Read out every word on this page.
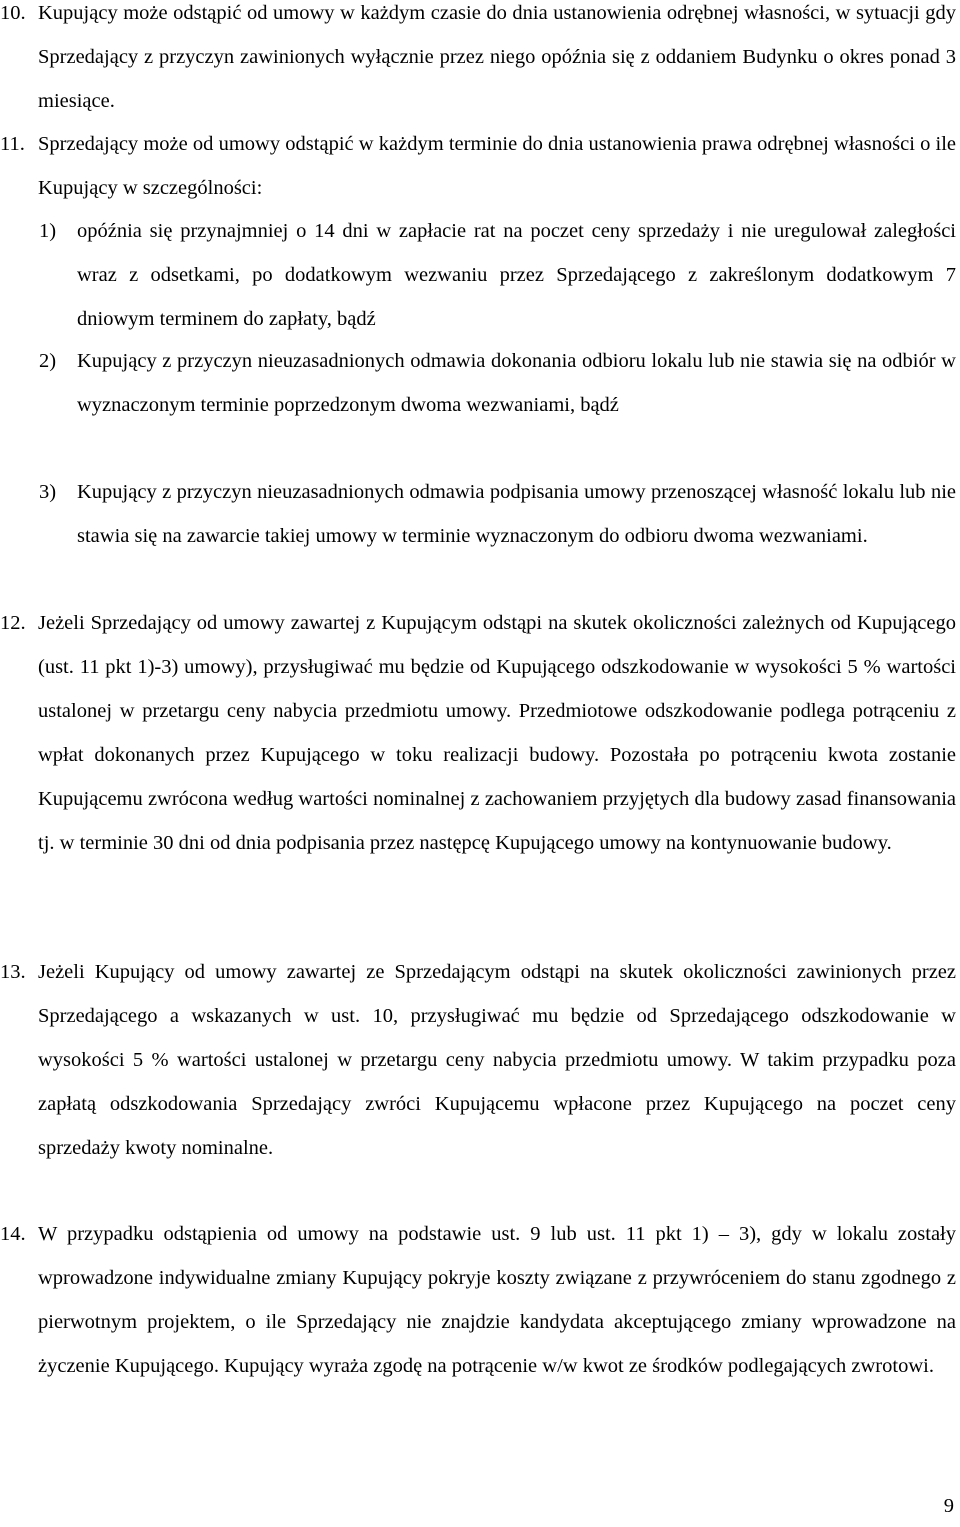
10. Kupujący może odstąpić od umowy w każdym czasie do dnia ustanowienia odrębnej własności, w sytuacji gdy Sprzedający z przyczyn zawinionych wyłącznie przez niego opóźnia się z oddaniem Budynku o okres ponad 3 miesiące.
11. Sprzedający może od umowy odstąpić w każdym terminie do dnia ustanowienia prawa odrębnej własności o ile Kupujący w szczególności:
1)	opóźnia się przynajmniej o 14 dni w zapłacie rat na poczet ceny sprzedaży i nie uregulował zaległości wraz z odsetkami, po dodatkowym wezwaniu przez Sprzedającego z zakreślonym dodatkowym 7 dniowym terminem do zapłaty, bądź
2)	Kupujący z przyczyn nieuzasadnionych odmawia dokonania odbioru lokalu lub nie stawia się na odbiór w wyznaczonym terminie poprzedzonym dwoma wezwaniami, bądź
3)	Kupujący z przyczyn nieuzasadnionych odmawia podpisania umowy przenoszącej własność lokalu lub nie stawia się na zawarcie takiej umowy w terminie wyznaczonym do odbioru dwoma wezwaniami.
12. Jeżeli Sprzedający od umowy zawartej z Kupującym odstąpi na skutek okoliczności zależnych od Kupującego (ust. 11 pkt 1)-3) umowy), przysługiwać mu będzie od Kupującego odszkodowanie w wysokości 5 % wartości ustalonej w przetargu ceny nabycia przedmiotu umowy. Przedmiotowe odszkodowanie podlega potrąceniu z wpłat dokonanych przez Kupującego w toku realizacji budowy. Pozostała po potrąceniu kwota zostanie Kupującemu zwrócona według wartości nominalnej z zachowaniem przyjętych dla budowy zasad finansowania tj. w terminie 30 dni od dnia podpisania przez następcę Kupującego umowy na kontynuowanie budowy.
13. Jeżeli Kupujący od umowy zawartej ze Sprzedającym odstąpi na skutek okoliczności zawinionych przez Sprzedającego a wskazanych w ust. 10, przysługiwać mu będzie od Sprzedającego odszkodowanie w wysokości 5 % wartości ustalonej w przetargu ceny nabycia przedmiotu umowy. W takim przypadku poza zapłatą odszkodowania Sprzedający zwróci Kupującemu wpłacone przez Kupującego na poczet ceny sprzedaży kwoty nominalne.
14. W przypadku odstąpienia od umowy na podstawie ust. 9 lub ust. 11 pkt 1) – 3), gdy w lokalu zostały wprowadzone indywidualne zmiany Kupujący pokryje koszty związane z przywróceniem do stanu zgodnego z pierwotnym projektem, o ile Sprzedający nie znajdzie kandydata akceptującego zmiany wprowadzone na życzenie Kupującego. Kupujący wyraża zgodę na potrącenie w/w kwot ze środków podlegających zwrotowi.
9
